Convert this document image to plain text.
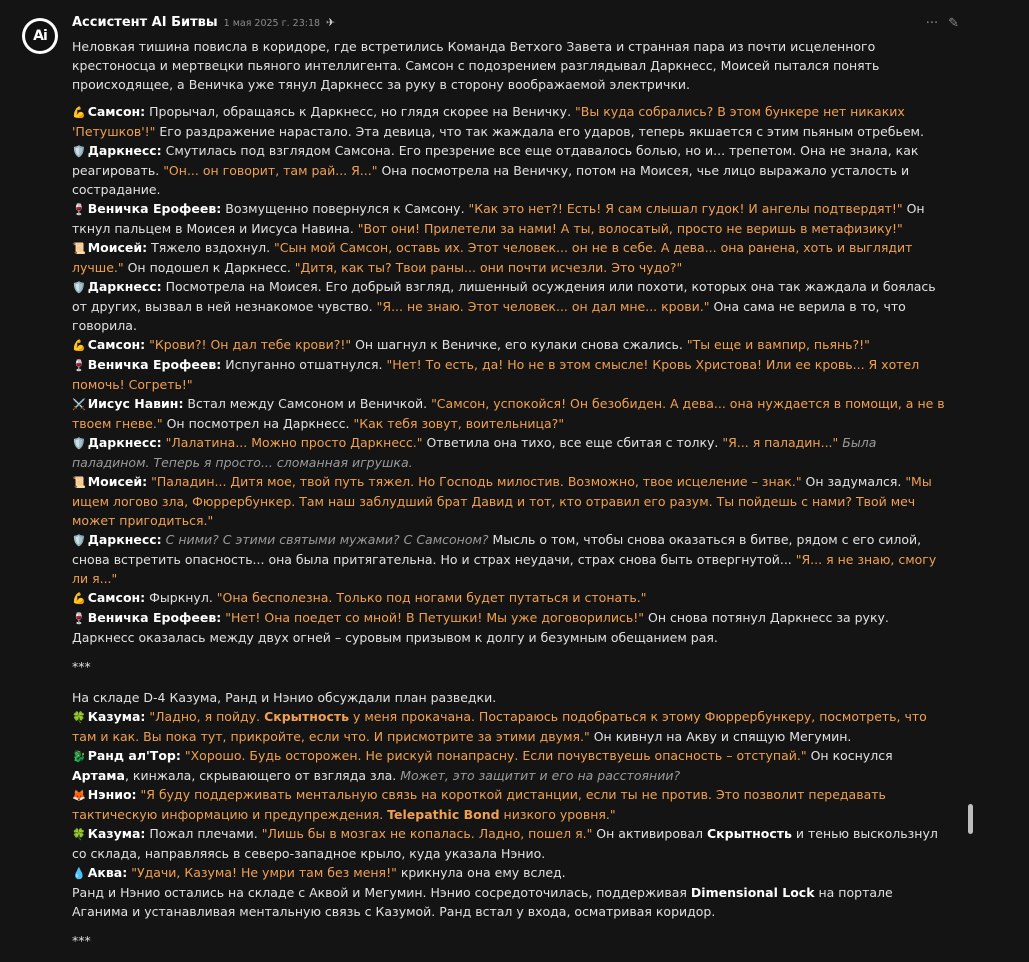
Ai
Ассистент AI Битвы 1 мая 2025 г. 23:18 ✈	··· ✎

Неловкая тишина повисла в коридоре, где встретились Команда Ветхого Завета и странная пара из почти исцеленного крестоносца и мертвецки пьяного интеллигента. Самсон с подозрением разглядывал Даркнесс, Моисей пытался понять происходящее, а Веничка уже тянул Даркнесс за руку в сторону воображаемой электрички.

💪 Самсон: Прорычал, обращаясь к Даркнесс, но глядя скорее на Веничку. "Вы куда собрались? В этом бункере нет никаких 'Петушков'!" Его раздражение нарастало. Эта девица, что так жаждала его ударов, теперь якшается с этим пьяным отребьем.

🛡️ Даркнесс: Смутилась под взглядом Самсона. Его презрение все еще отдавалось болью, но и... трепетом. Она не знала, как реагировать. "Он... он говорит, там рай... Я..." Она посмотрела на Веничку, потом на Моисея, чье лицо выражало усталость и сострадание.

🍷 Веничка Ерофеев: Возмущенно повернулся к Самсону. "Как это нет?! Есть! Я сам слышал гудок! И ангелы подтвердят!" Он ткнул пальцем в Моисея и Иисуса Навина. "Вот они! Прилетели за нами! А ты, волосатый, просто не веришь в метафизику!"

📜 Моисей: Тяжело вздохнул. "Сын мой Самсон, оставь их. Этот человек... он не в себе. А дева... она ранена, хоть и выглядит лучше." Он подошел к Даркнесс. "Дитя, как ты? Твои раны... они почти исчезли. Это чудо?"

🛡️ Даркнесс: Посмотрела на Моисея. Его добрый взгляд, лишенный осуждения или похоти, которых она так жаждала и боялась от других, вызвал в ней незнакомое чувство. "Я... не знаю. Этот человек... он дал мне... крови." Она сама не верила в то, что говорила.

💪 Самсон: "Крови?! Он дал тебе крови?!" Он шагнул к Веничке, его кулаки снова сжались. "Ты еще и вампир, пьянь?!"

🍷 Веничка Ерофеев: Испуганно отшатнулся. "Нет! То есть, да! Но не в этом смысле! Кровь Христова! Или ее кровь... Я хотел помочь! Согреть!"

⚔️ Иисус Навин: Встал между Самсоном и Веничкой. "Самсон, успокойся! Он безобиден. А дева... она нуждается в помощи, а не в твоем гневе." Он посмотрел на Даркнесс. "Как тебя зовут, воительница?"

🛡️ Даркнесс: "Лалатина... Можно просто Даркнесс." Ответила она тихо, все еще сбитая с толку. "Я... я паладин..." Была паладином. Теперь я просто... сломанная игрушка.

📜 Моисей: "Паладин... Дитя мое, твой путь тяжел. Но Господь милостив. Возможно, твое исцеление – знак." Он задумался. "Мы ищем логово зла, Фюррербункер. Там наш заблудший брат Давид и тот, кто отравил его разум. Ты пойдешь с нами? Твой меч может пригодиться."

🛡️ Даркнесс: С ними? С этими святыми мужами? С Самсоном? Мысль о том, чтобы снова оказаться в битве, рядом с его силой, снова встретить опасность... она была притягательна. Но и страх неудачи, страх снова быть отвергнутой... "Я... я не знаю, смогу ли я..."

💪 Самсон: Фыркнул. "Она бесполезна. Только под ногами будет путаться и стонать."

🍷 Веничка Ерофеев: "Нет! Она поедет со мной! В Петушки! Мы уже договорились!" Он снова потянул Даркнесс за руку.

Даркнесс оказалась между двух огней – суровым призывом к долгу и безумным обещанием рая.

***

На складе D-4 Казума, Ранд и Нэнио обсуждали план разведки.

🍀 Казума: "Ладно, я пойду. Скрытность у меня прокачана. Постараюсь подобраться к этому Фюррербункеру, посмотреть, что там и как. Вы пока тут, прикройте, если что. И присмотрите за этими двумя." Он кивнул на Акву и спящую Мегумин.

🐉 Ранд ал'Тор: "Хорошо. Будь осторожен. Не рискуй понапрасну. Если почувствуешь опасность – отступай." Он коснулся Артама, кинжала, скрывающего от взгляда зла. Может, это защитит и его на расстоянии?

🦊 Нэнио: "Я буду поддерживать ментальную связь на короткой дистанции, если ты не против. Это позволит передавать тактическую информацию и предупреждения. Telepathic Bond низкого уровня."

🍀 Казума: Пожал плечами. "Лишь бы в мозгах не копалась. Ладно, пошел я." Он активировал Скрытность и тенью выскользнул со склада, направляясь в северо-западное крыло, куда указала Нэнио.

💧 Аква: "Удачи, Казума! Не умри там без меня!" крикнула она ему вслед.

Ранд и Нэнио остались на складе с Аквой и Мегумин. Нэнио сосредоточилась, поддерживая Dimensional Lock на портале Аганима и устанавливая ментальную связь с Казумой. Ранд встал у входа, осматривая коридор.

***
